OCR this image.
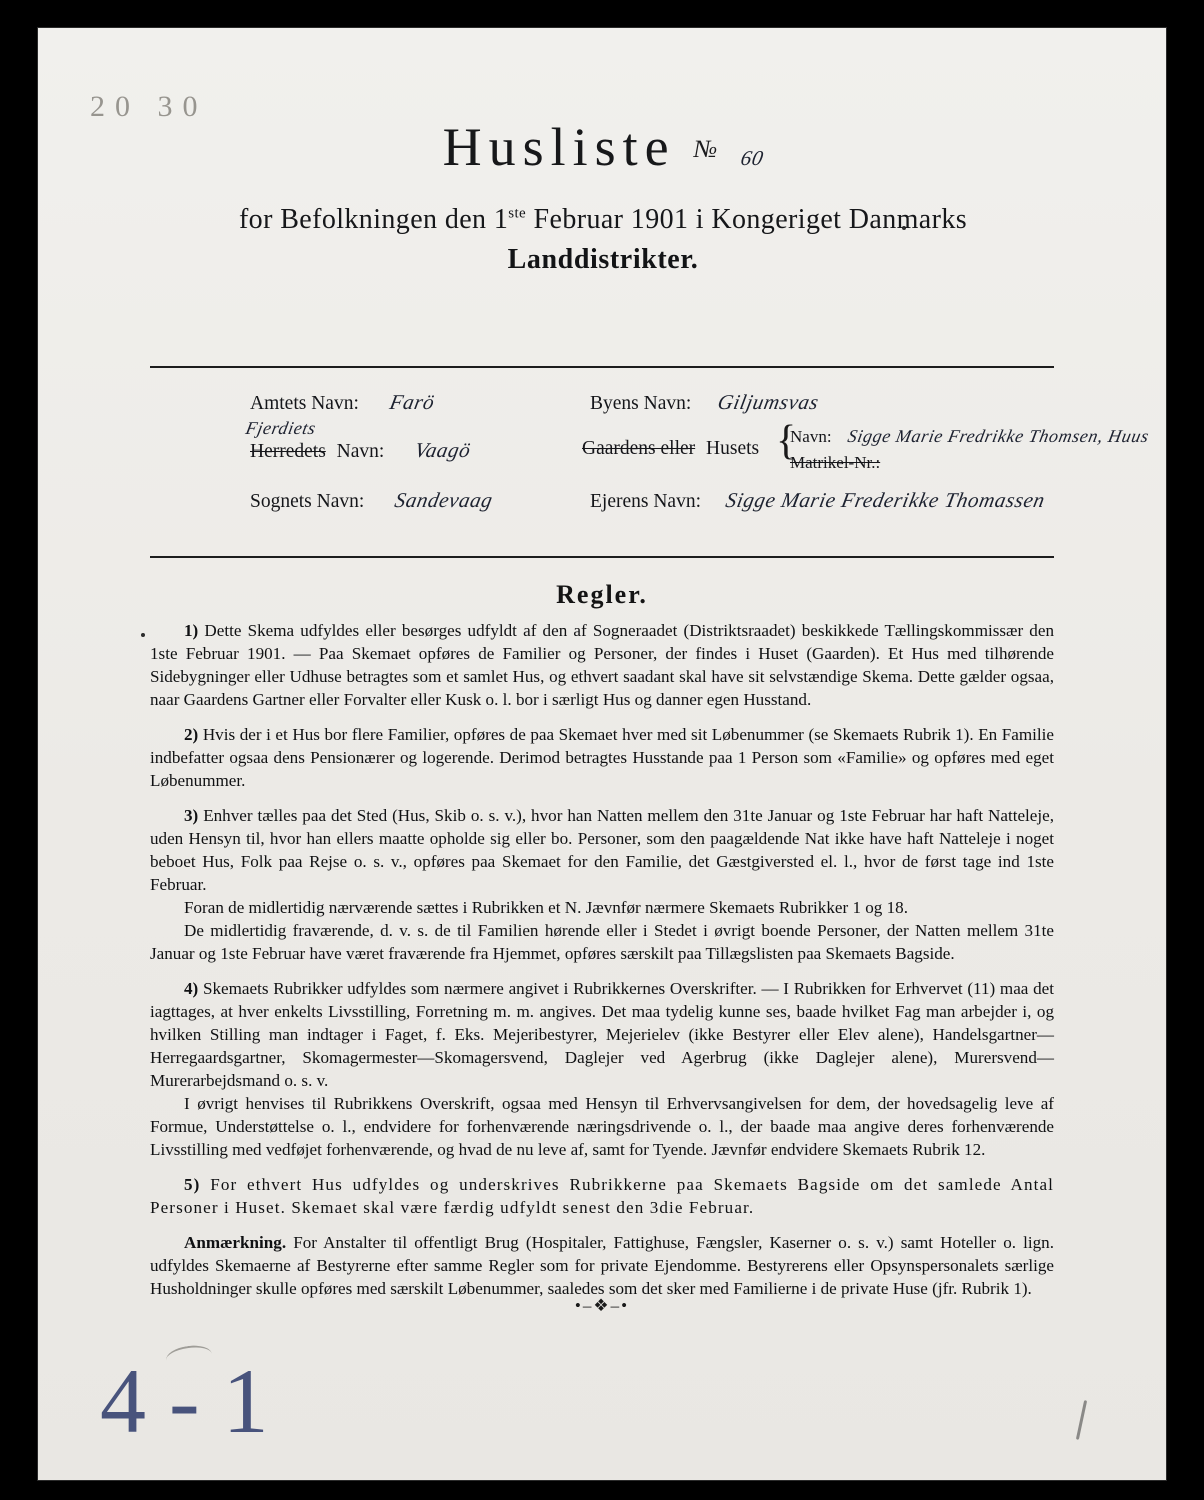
20 30
4 - 1
Husliste № 60
for Befolkningen den 1ste Februar 1901 i Kongeriget Danmarks
Landdistrikter.
Amtets Navn: Farö
Fjerdiets
Herredets Navn: Vaagö
Sognets Navn: Sandevaag
Byens Navn: Giljumsvas
Gaardens eller Husets {
Navn: Sigge Marie Fredrikke Thomsen, Huus
Matrikel-Nr.:
Ejerens Navn: Sigge Marie Frederikke Thomassen
Regler.

1) Dette Skema udfyldes eller besørges udfyldt af den af Sogneraadet (Distriktsraadet) beskikkede Tællingskommissær den 1ste Februar 1901. — Paa Skemaet opføres de Familier og Personer, der findes i Huset (Gaarden). Et Hus med tilhørende Sidebygninger eller Udhuse betragtes som et samlet Hus, og ethvert saadant skal have sit selvstændige Skema. Dette gælder ogsaa, naar Gaardens Gartner eller Forvalter eller Kusk o. l. bor i særligt Hus og danner egen Husstand.

2) Hvis der i et Hus bor flere Familier, opføres de paa Skemaet hver med sit Løbenummer (se Skemaets Rubrik 1). En Familie indbefatter ogsaa dens Pensionærer og logerende. Derimod betragtes Husstande paa 1 Person som «Familie» og opføres med eget Løbenummer.

3) Enhver tælles paa det Sted (Hus, Skib o. s. v.), hvor han Natten mellem den 31te Januar og 1ste Februar har haft Natteleje, uden Hensyn til, hvor han ellers maatte opholde sig eller bo. Personer, som den paagældende Nat ikke have haft Natteleje i noget beboet Hus, Folk paa Rejse o. s. v., opføres paa Skemaet for den Familie, det Gæstgiversted el. l., hvor de først tage ind 1ste Februar.

Foran de midlertidig nærværende sættes i Rubrikken et N. Jævnfør nærmere Skemaets Rubrikker 1 og 18.

De midlertidig fraværende, d. v. s. de til Familien hørende eller i Stedet i øvrigt boende Personer, der Natten mellem 31te Januar og 1ste Februar have været fraværende fra Hjemmet, opføres særskilt paa Tillægslisten paa Skemaets Bagside.

4) Skemaets Rubrikker udfyldes som nærmere angivet i Rubrikkernes Overskrifter. — I Rubrikken for Erhvervet (11) maa det iagttages, at hver enkelts Livsstilling, Forretning m. m. angives. Det maa tydelig kunne ses, baade hvilket Fag man arbejder i, og hvilken Stilling man indtager i Faget, f. Eks. Mejeribestyrer, Mejerielev (ikke Bestyrer eller Elev alene), Handelsgartner—Herregaardsgartner, Skomagermester—Skomagersvend, Daglejer ved Agerbrug (ikke Daglejer alene), Murersvend—Murerarbejdsmand o. s. v.

I øvrigt henvises til Rubrikkens Overskrift, ogsaa med Hensyn til Erhvervsangivelsen for dem, der hovedsagelig leve af Formue, Understøttelse o. l., endvidere for forhenværende næringsdrivende o. l., der baade maa angive deres forhenværende Livsstilling med vedføjet forhenværende, og hvad de nu leve af, samt for Tyende. Jævnfør endvidere Skemaets Rubrik 12.

5) For ethvert Hus udfyldes og underskrives Rubrikkerne paa Skemaets Bagside om det samlede Antal Personer i Huset. Skemaet skal være færdig udfyldt senest den 3die Februar.

Anmærkning. For Anstalter til offentligt Brug (Hospitaler, Fattighuse, Fængsler, Kaserner o. s. v.) samt Hoteller o. lign. udfyldes Skemaerne af Bestyrerne efter samme Regler som for private Ejendomme. Bestyrerens eller Opsynspersonalets særlige Husholdninger skulle opføres med særskilt Løbenummer, saaledes som det sker med Familierne i de private Huse (jfr. Rubrik 1).

•–❖–•
